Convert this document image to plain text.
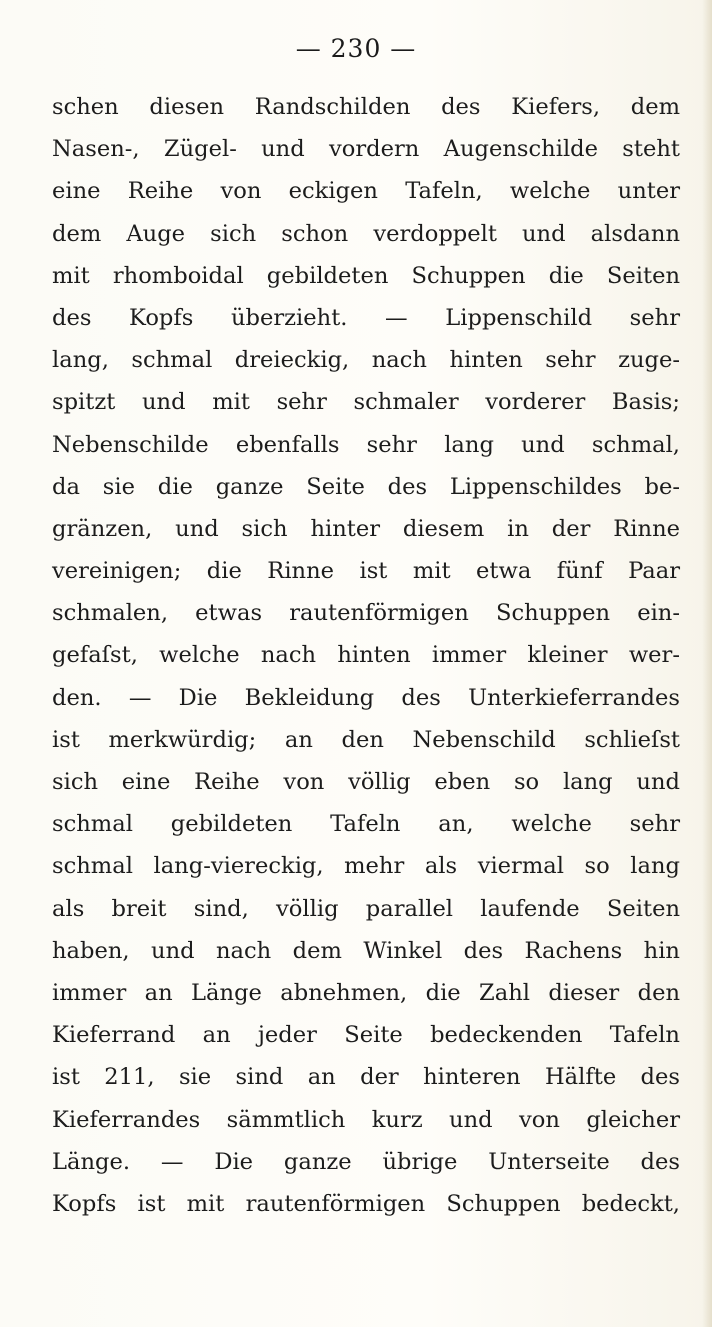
— 230 —
schen diesen Randschilden des Kiefers, dem
Nasen-, Zügel- und vordern Augenschilde steht
eine Reihe von eckigen Tafeln, welche unter
dem Auge sich schon verdoppelt und alsdann
mit rhomboidal gebildeten Schuppen die Seiten
des Kopfs überzieht. — Lippenschild sehr
lang, schmal dreieckig, nach hinten sehr zuge-
spitzt und mit sehr schmaler vorderer Basis;
Nebenschilde ebenfalls sehr lang und schmal,
da sie die ganze Seite des Lippenschildes be-
gränzen, und sich hinter diesem in der Rinne
vereinigen; die Rinne ist mit etwa fünf Paar
schmalen, etwas rautenförmigen Schuppen ein-
gefaſst, welche nach hinten immer kleiner wer-
den. — Die Bekleidung des Unterkieferrandes
ist merkwürdig; an den Nebenschild schlieſst
sich eine Reihe von völlig eben so lang und
schmal gebildeten Tafeln an, welche sehr
schmal lang-viereckig, mehr als viermal so lang
als breit sind, völlig parallel laufende Seiten
haben, und nach dem Winkel des Rachens hin
immer an Länge abnehmen, die Zahl dieser den
Kieferrand an jeder Seite bedeckenden Tafeln
ist 211, sie sind an der hinteren Hälfte des
Kieferrandes sämmtlich kurz und von gleicher
Länge. — Die ganze übrige Unterseite des
Kopfs ist mit rautenförmigen Schuppen bedeckt,
